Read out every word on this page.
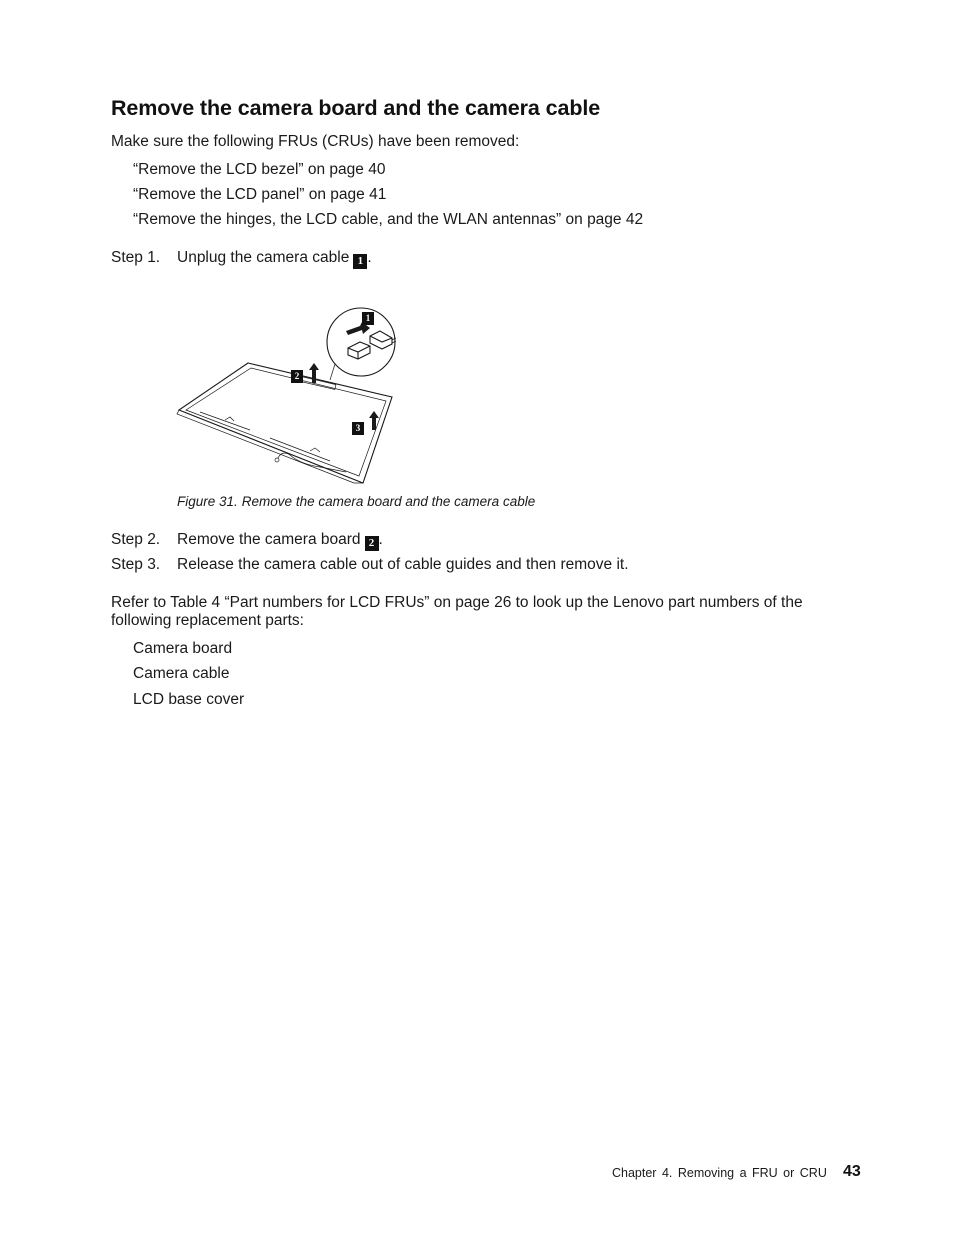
Remove the camera board and the camera cable
Make sure the following FRUs (CRUs) have been removed:
“Remove the LCD bezel” on page 40
“Remove the LCD panel” on page 41
“Remove the hinges, the LCD cable, and the WLAN antennas” on page 42
Step 1. Unplug the camera cable 1 .
1
2
3
Figure 31. Remove the camera board and the camera cable
Step 2. Remove the camera board 2 .
Step 3. Release the camera cable out of cable guides and then remove it.
Refer to Table 4 “Part numbers for LCD FRUs” on page 26 to look up the Lenovo part numbers of the
following replacement parts:
Camera board
Camera cable
LCD base cover
Chapter 4. Removing a FRU or CRU 43
